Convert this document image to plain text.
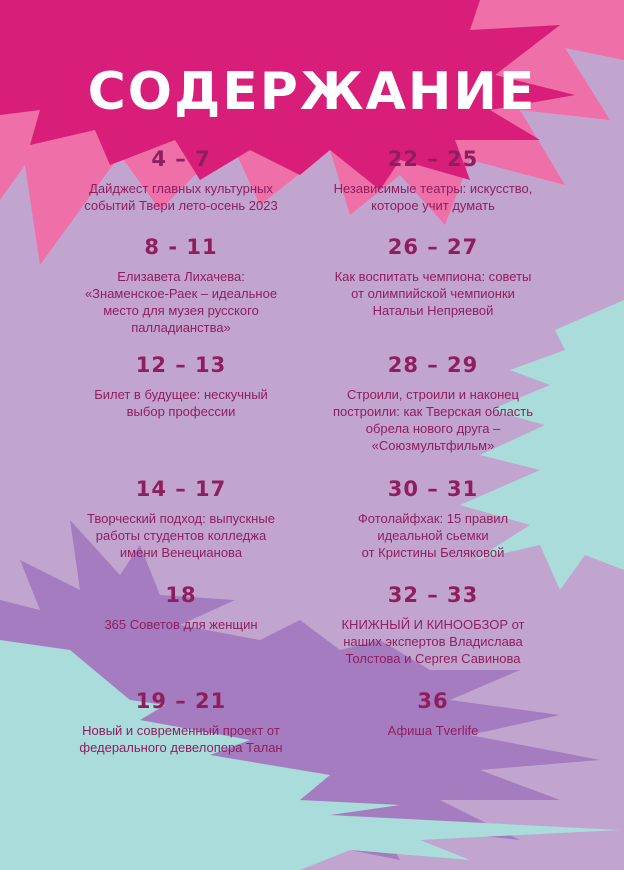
СОДЕРЖАНИЕ
4 – 7
Дайджест главных культурных
событий Твери лето-осень 2023
22 – 25
Независимые театры: искусство,
которое учит думать
8 - 11
Елизавета Лихачева:
«Знаменское-Раек – идеальное
место для музея русского
палладианства»
26 – 27
Как воспитать чемпиона: советы
от олимпийской чемпионки
Натальи Непряевой
12 – 13
Билет в будущее: нескучный
выбор профессии
28 – 29
Строили, строили и наконец
построили: как Тверская область
обрела нового друга –
«Союзмультфильм»
14 – 17
Творческий подход: выпускные
работы студентов колледжа
имени Венецианова
30 – 31
Фотолайфхак: 15 правил
идеальной сьемки
от Кристины Беляковой
18
365 Советов для женщин
32 – 33
КНИЖНЫЙ И КИНООБЗОР от
наших экспертов Владислава
Толстова и Сергея Савинова
19 – 21
Новый и современный проект от
федерального девелопера Талан
36
Афиша Tverlife
